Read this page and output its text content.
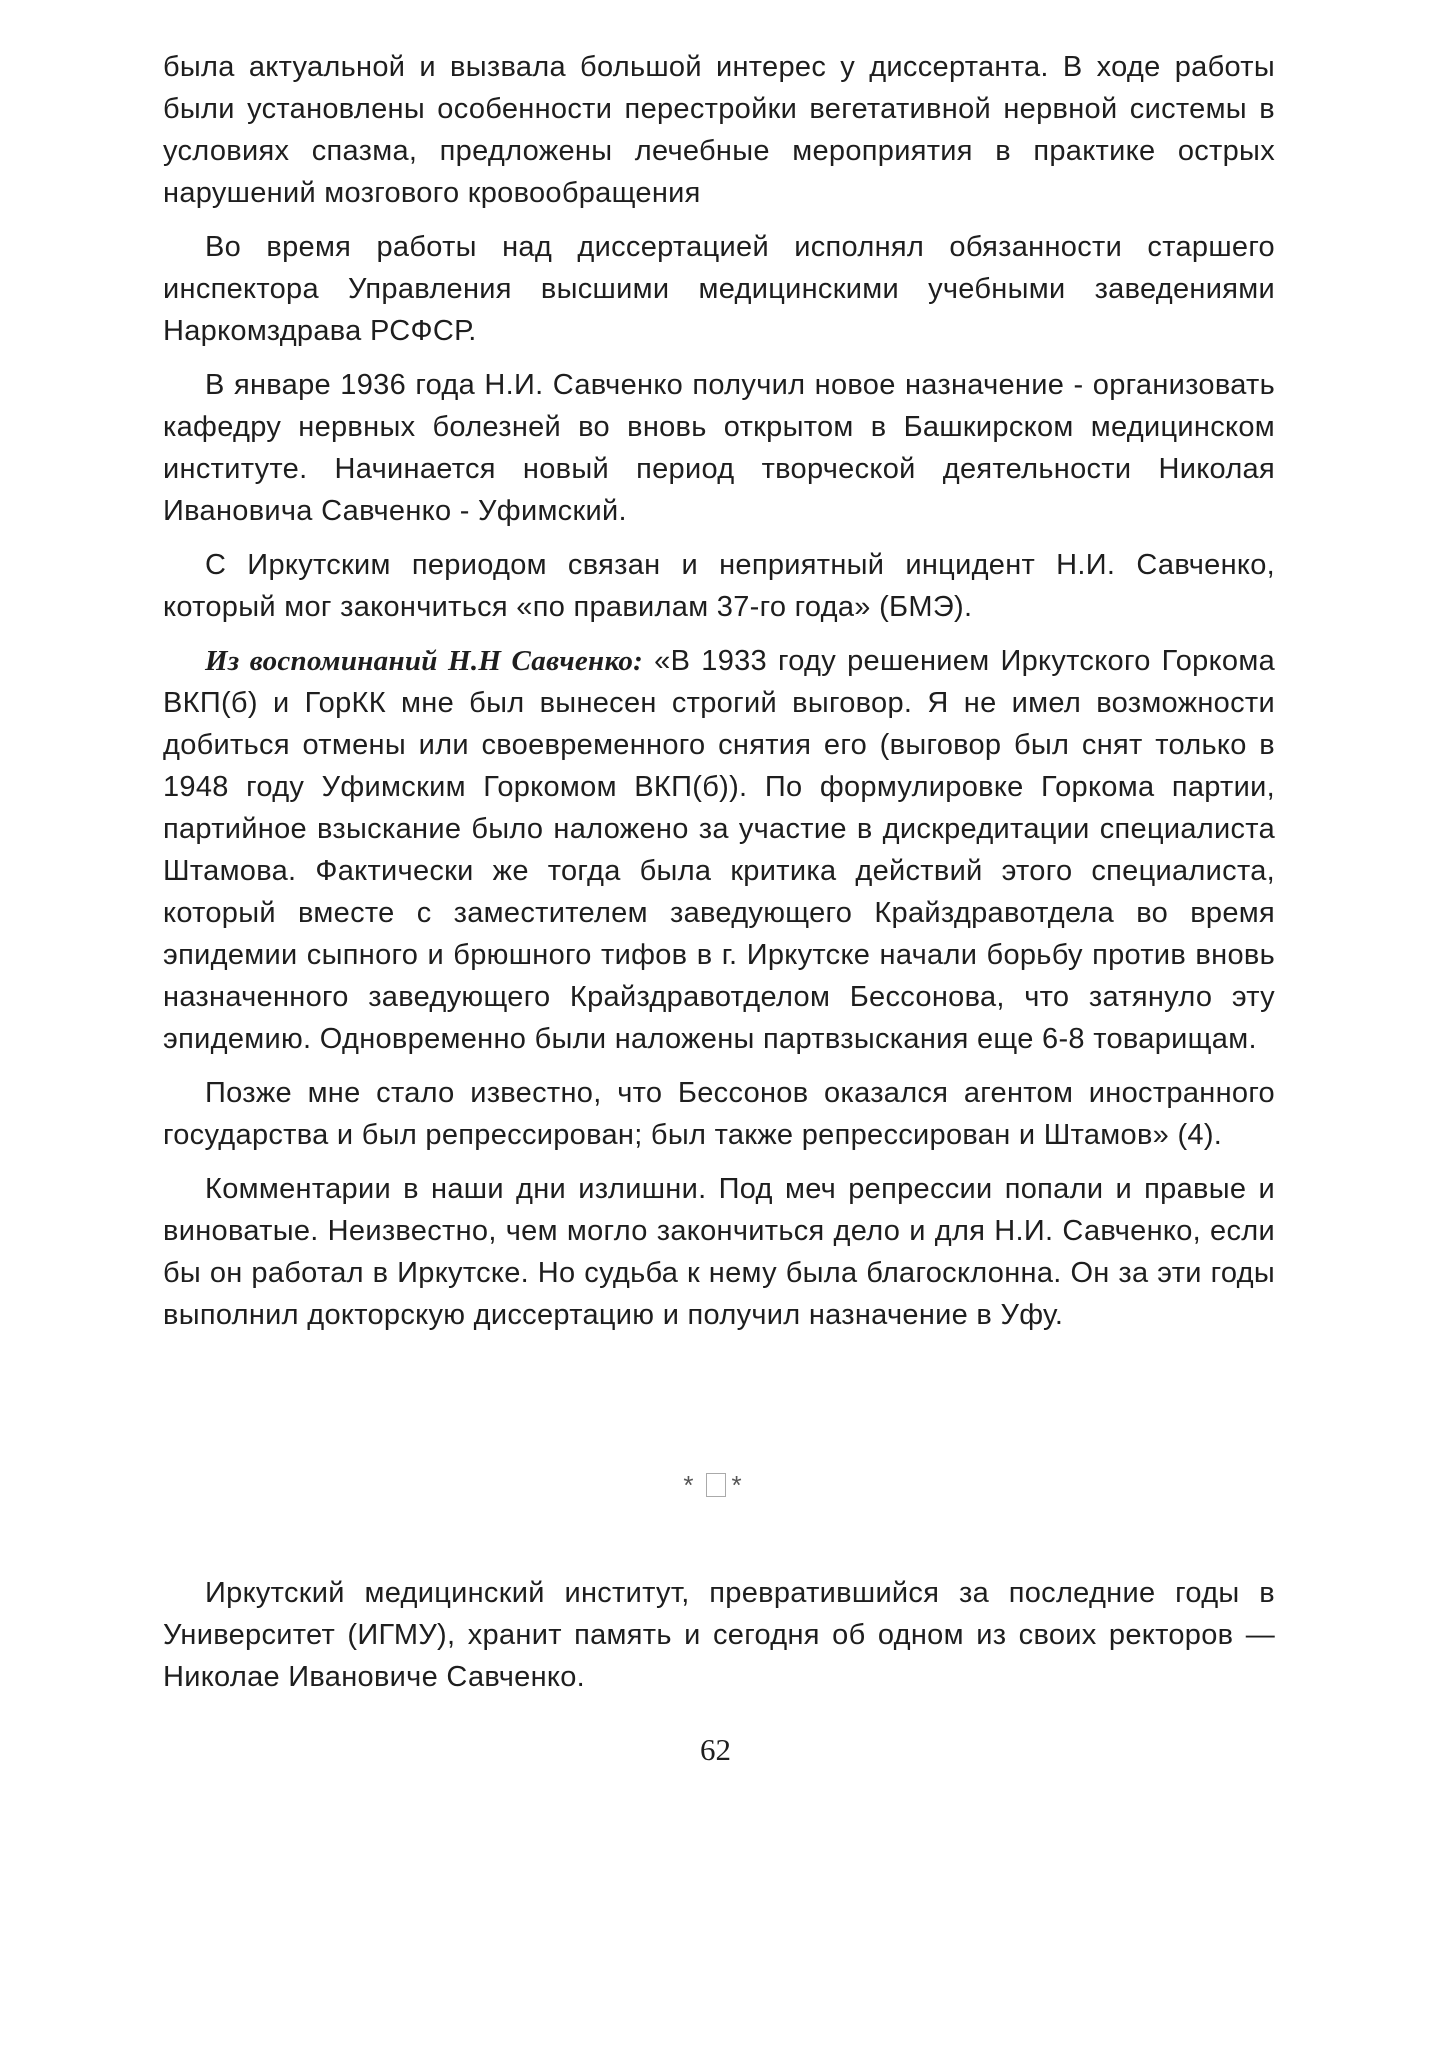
была актуальной и вызвала большой интерес у диссертанта. В ходе работы были установлены особенности перестройки вегетативной нервной системы в условиях спазма, предложены лечебные мероприятия в практике острых нарушений мозгового кровообращения

Во время работы над диссертацией исполнял обязанности старшего инспектора Управления высшими медицинскими учебными заведениями Наркомздрава РСФСР.

В январе 1936 года Н.И. Савченко получил новое назначение - организовать кафедру нервных болезней во вновь открытом в Башкирском медицинском институте. Начинается новый период творческой деятельности Николая Ивановича Савченко - Уфимский.

С Иркутским периодом связан и неприятный инцидент Н.И. Савченко, который мог закончиться «по правилам 37-го года» (БМЭ).

Из воспоминаний Н.Н Савченко: «В 1933 году решением Иркутского Горкома ВКП(б) и ГорКК мне был вынесен строгий выговор. Я не имел возможности добиться отмены или своевременного снятия его (выговор был снят только в 1948 году Уфимским Горкомом ВКП(б)). По формулировке Горкома партии, партийное взыскание было наложено за участие в дискредитации специалиста Штамова. Фактически же тогда была критика действий этого специалиста, который вместе с заместителем заведующего Крайздравотдела во время эпидемии сыпного и брюшного тифов в г. Иркутске начали борьбу против вновь назначенного заведующего Крайздравотделом Бессонова, что затянуло эту эпидемию. Одновременно были наложены партвзыскания еще 6-8 товарищам.

Позже мне стало известно, что Бессонов оказался агентом иностранного государства и был репрессирован; был также репрессирован и Штамов» (4).

Комментарии в наши дни излишни. Под меч репрессии попали и правые и виноватые. Неизвестно, чем могло закончиться дело и для Н.И. Савченко, если бы он работал в Иркутске. Но судьба к нему была благосклонна. Он за эти годы выполнил докторскую диссертацию и получил назначение в Уфу.

* *

Иркутский медицинский институт, превратившийся за последние годы в Университет (ИГМУ), хранит память и сегодня об одном из своих ректоров —Николае Ивановиче Савченко.

62
